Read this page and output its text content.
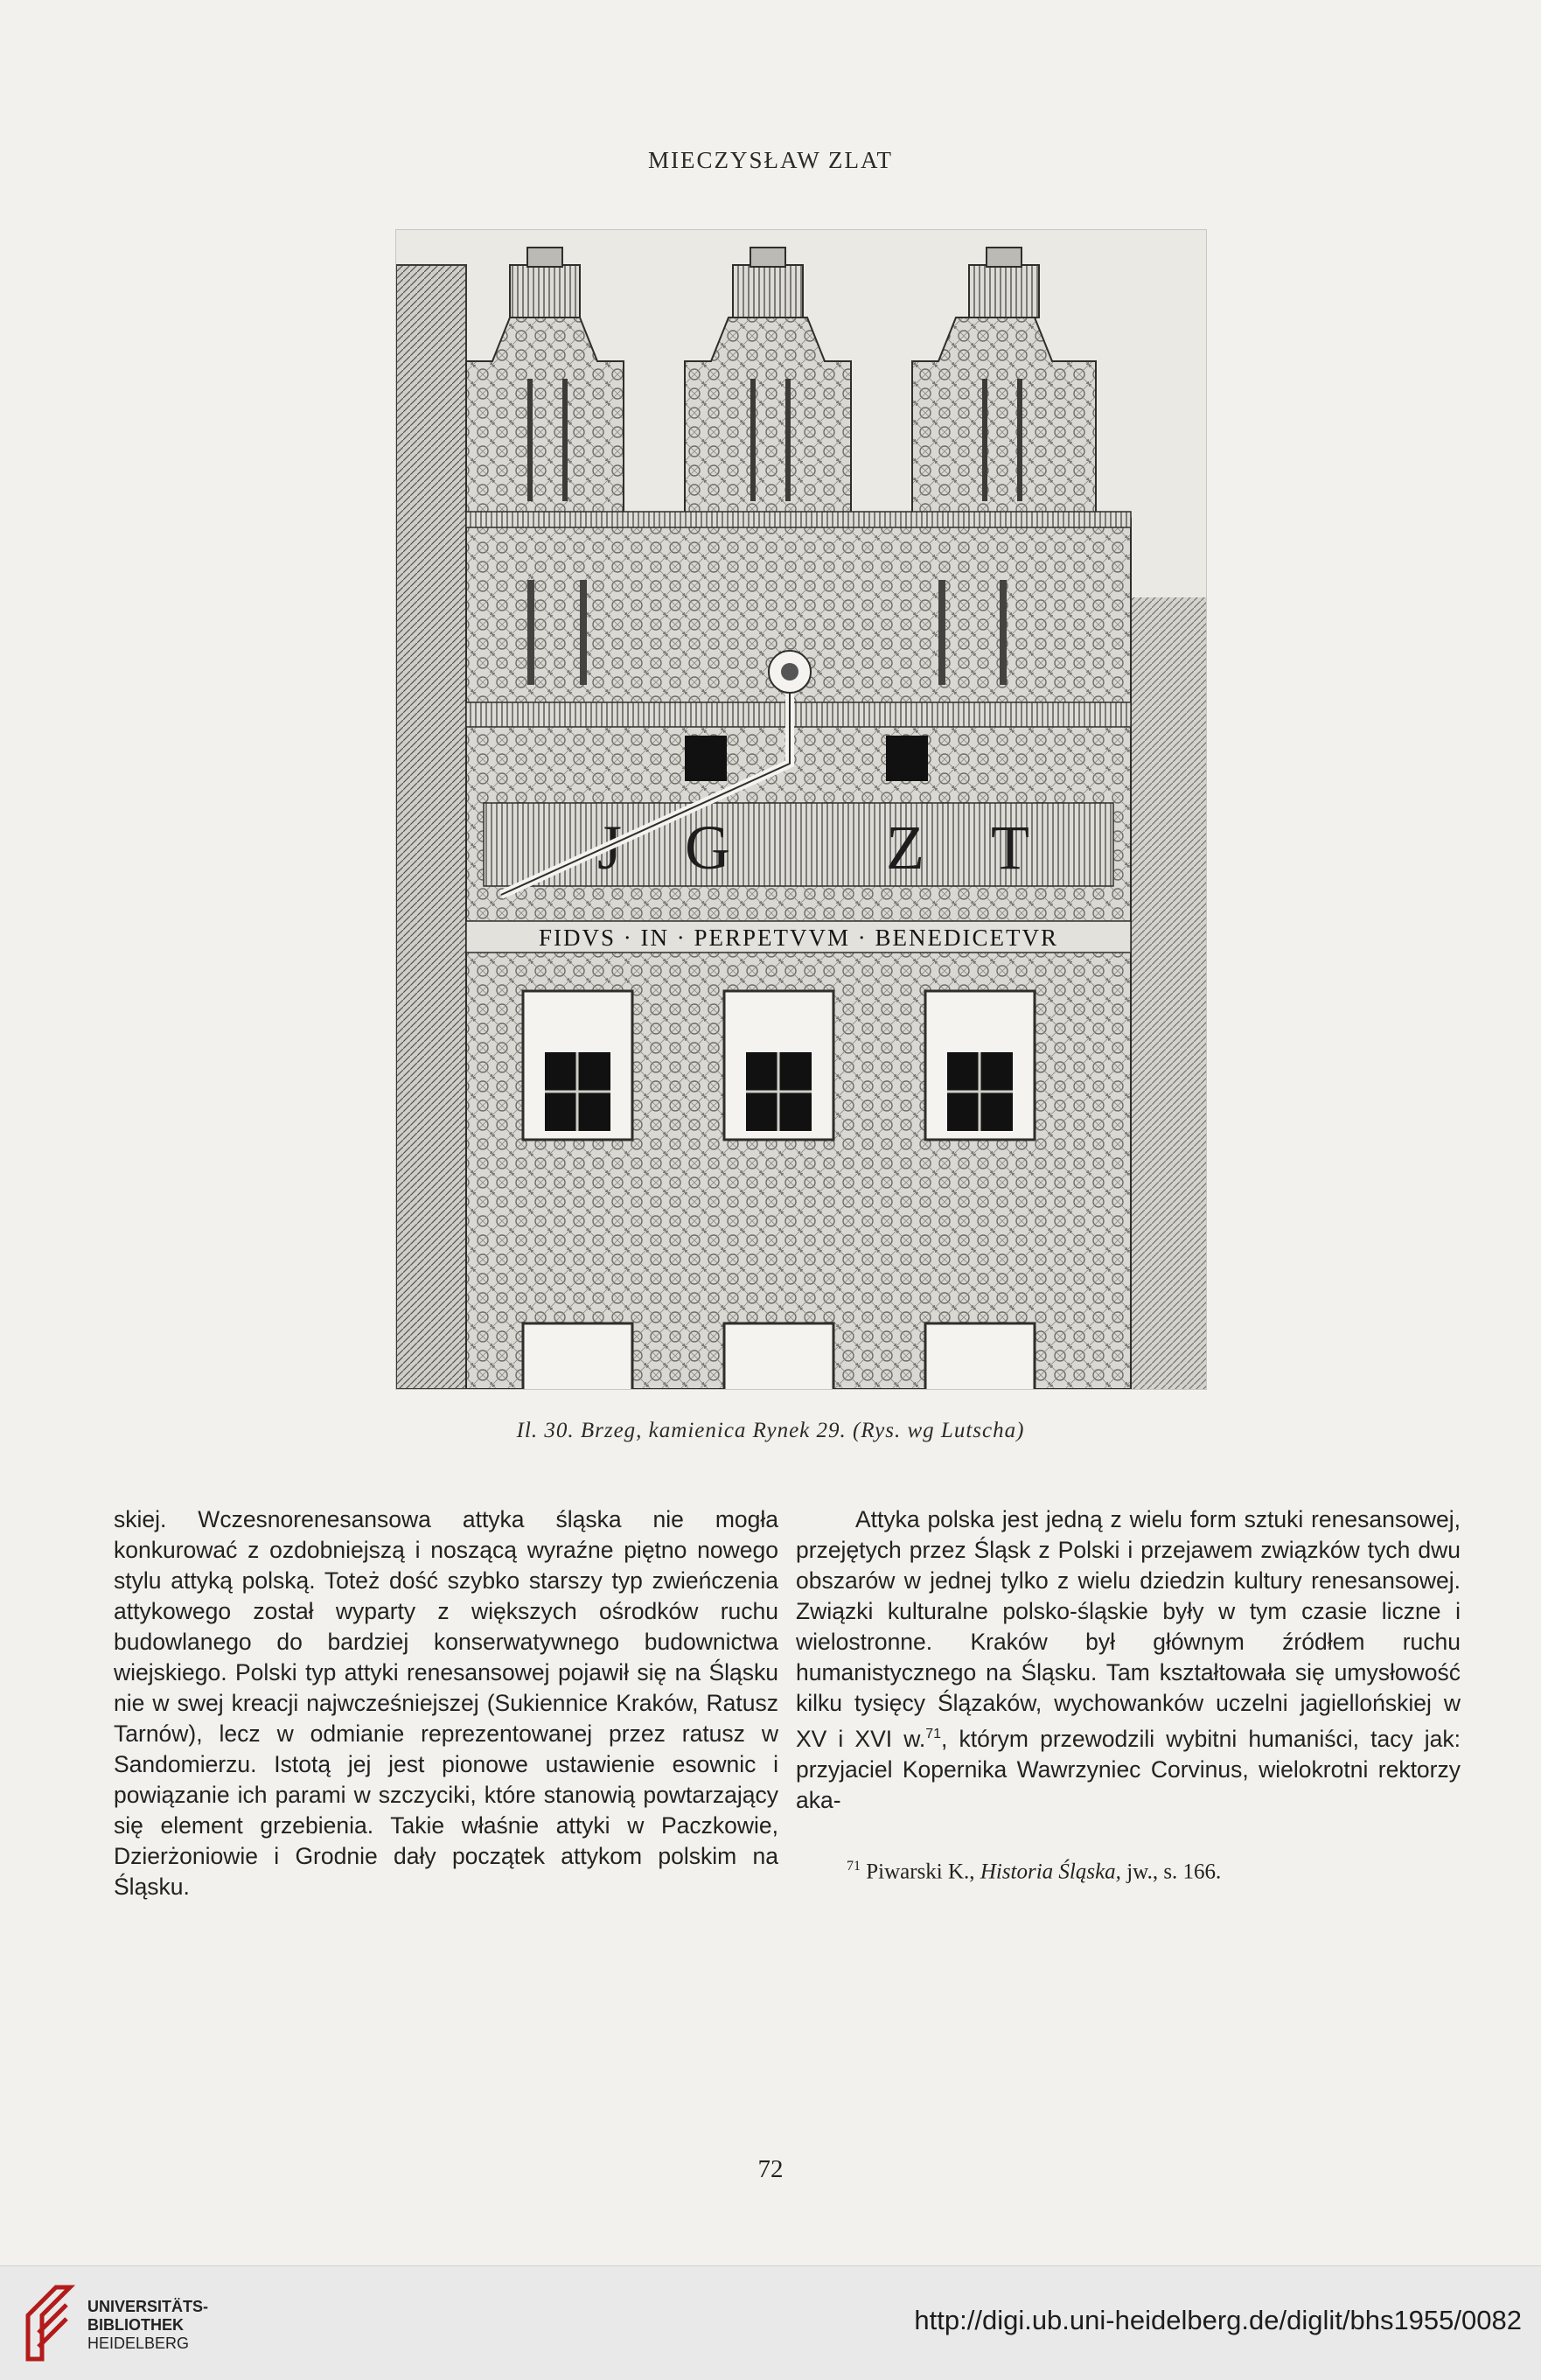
MIECZYSŁAW ZLAT
J G Z T
FIDVS · IN · PERPETVVM · BENEDICETVR
Il. 30. Brzeg, kamienica Rynek 29. (Rys. wg Lutscha)

skiej. Wczesnorenesansowa attyka śląska nie mogła konkurować z ozdobniejszą i noszącą wyraźne piętno nowego stylu attyką polską. Toteż dość szybko starszy typ zwieńczenia attykowego został wyparty z większych ośrodków ruchu budowlanego do bardziej konserwatywnego budownictwa wiejskiego. Polski typ attyki renesansowej pojawił się na Śląsku nie w swej kreacji najwcześniejszej (Sukiennice Kraków, Ratusz Tarnów), lecz w odmianie reprezentowanej przez ratusz w Sandomierzu. Istotą jej jest pionowe ustawienie esownic i powiązanie ich parami w szczyciki, które stanowią powtarzający się element grzebienia. Takie właśnie attyki w Paczkowie, Dzierżoniowie i Grodnie dały początek attykom polskim na Śląsku.

Attyka polska jest jedną z wielu form sztuki renesansowej, przejętych przez Śląsk z Polski i przejawem związków tych dwu obszarów w jednej tylko z wielu dziedzin kultury renesansowej. Związki kulturalne polsko-śląskie były w tym czasie liczne i wielostronne. Kraków był głównym źródłem ruchu humanistycznego na Śląsku. Tam kształtowała się umysłowość kilku tysięcy Ślązaków, wychowanków uczelni jagiellońskiej w XV i XVI w.$^{71}$, którym przewodzili wybitni humaniści, tacy jak: przyjaciel Kopernika Wawrzyniec Corvinus, wielokrotni rektorzy aka-

$^{71}$ Piwarski K., Historia Śląska, jw., s. 166.

72
UNIVERSITÄTS-
BIBLIOTHEK
HEIDELBERG
http://digi.ub.uni-heidelberg.de/diglit/bhs1955/0082
